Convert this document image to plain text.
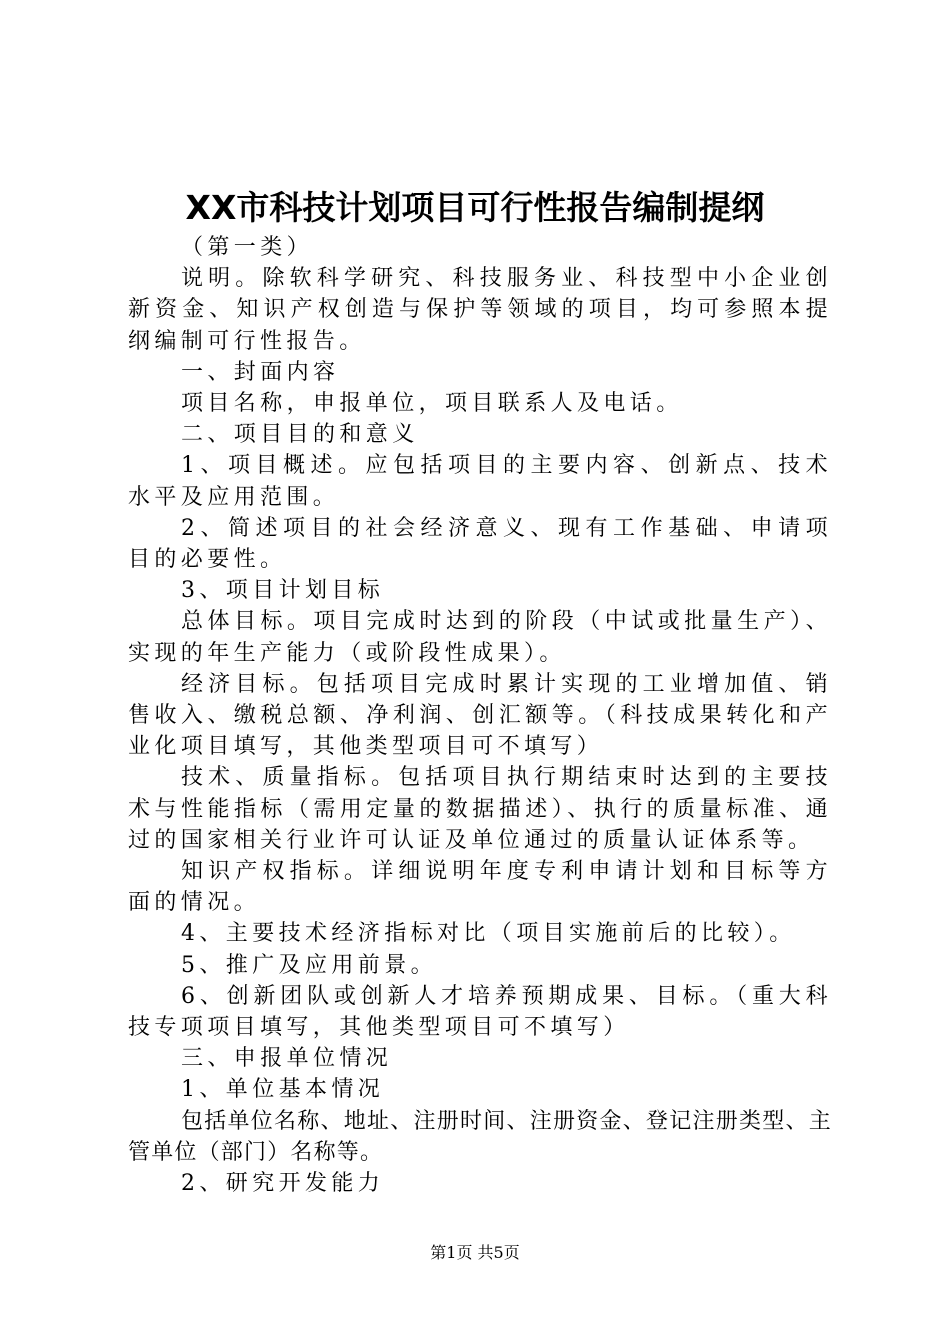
XX市科技计划项目可行性报告编制提纲

（第一类）

说明。除软科学研究、科技服务业、科技型中小企业创新资金、知识产权创造与保护等领域的项目，均可参照本提纲编制可行性报告。

一、封面内容

项目名称，申报单位，项目联系人及电话。

二、项目目的和意义

1、项目概述。应包括项目的主要内容、创新点、技术水平及应用范围。

2、简述项目的社会经济意义、现有工作基础、申请项目的必要性。

3、项目计划目标

总体目标。项目完成时达到的阶段（中试或批量生产）、实现的年生产能力（或阶段性成果）。

经济目标。包括项目完成时累计实现的工业增加值、销售收入、缴税总额、净利润、创汇额等。（科技成果转化和产业化项目填写，其他类型项目可不填写）

技术、质量指标。包括项目执行期结束时达到的主要技术与性能指标（需用定量的数据描述）、执行的质量标准、通过的国家相关行业许可认证及单位通过的质量认证体系等。

知识产权指标。详细说明年度专利申请计划和目标等方面的情况。

4、主要技术经济指标对比（项目实施前后的比较）。

5、推广及应用前景。

6、创新团队或创新人才培养预期成果、目标。（重大科技专项项目填写，其他类型项目可不填写）

三、申报单位情况

1、单位基本情况

包括单位名称、地址、注册时间、注册资金、登记注册类型、主管单位（部门）名称等。

2、研究开发能力

第1页 共5页
